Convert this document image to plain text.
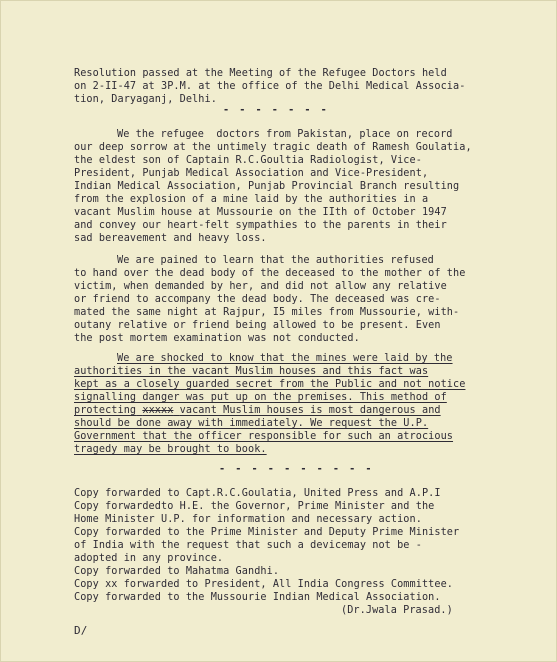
Resolution passed at the Meeting of the Refugee Doctors held
on 2-II-47 at 3P.M. at the office of the Delhi Medical Associa-
tion, Daryaganj, Delhi.
- - - - - - -
We the refugee  doctors from Pakistan, place on record
our deep sorrow at the untimely tragic death of Ramesh Goulatia,
the eldest son of Captain R.C.Goultia Radiologist, Vice-
President, Punjab Medical Association and Vice-President,
Indian Medical Association, Punjab Provincial Branch resulting
from the explosion of a mine laid by the authorities in a
vacant Muslim house at Mussourie on the IIth of October 1947
and convey our heart-felt sympathies to the parents in their
sad bereavement and heavy loss.
We are pained to learn that the authorities refused
to hand over the dead body of the deceased to the mother of the
victim, when demanded by her, and did not allow any relative
or friend to accompany the dead body. The deceased was cre-
mated the same night at Rajpur, I5 miles from Mussourie, with-
outany relative or friend being allowed to be present. Even
the post mortem examination was not conducted.
We are shocked to know that the mines were laid by the
authorities in the vacant Muslim houses and this fact was
kept as a closely guarded secret from the Public and not notice
signalling danger was put up on the premises. This method of
protecting xxxxx vacant Muslim houses is most dangerous and
should be done away with immediately. We request the U.P.
Government that the officer responsible for such an atrocious
tragedy may be brought to book.
- - - - - - - - - -
Copy forwarded to Capt.R.C.Goulatia, United Press and A.P.I
Copy forwardedto H.E. the Governor, Prime Minister and the
Home Minister U.P. for information and necessary action.
Copy forwarded to the Prime Minister and Deputy Prime Minister
of India with the request that such a devicemay not be -
adopted in any province.
Copy forwarded to Mahatma Gandhi.
Copy xx forwarded to President, All India Congress Committee.
Copy forwarded to the Mussourie Indian Medical Association.
(Dr.Jwala Prasad.)
D/
